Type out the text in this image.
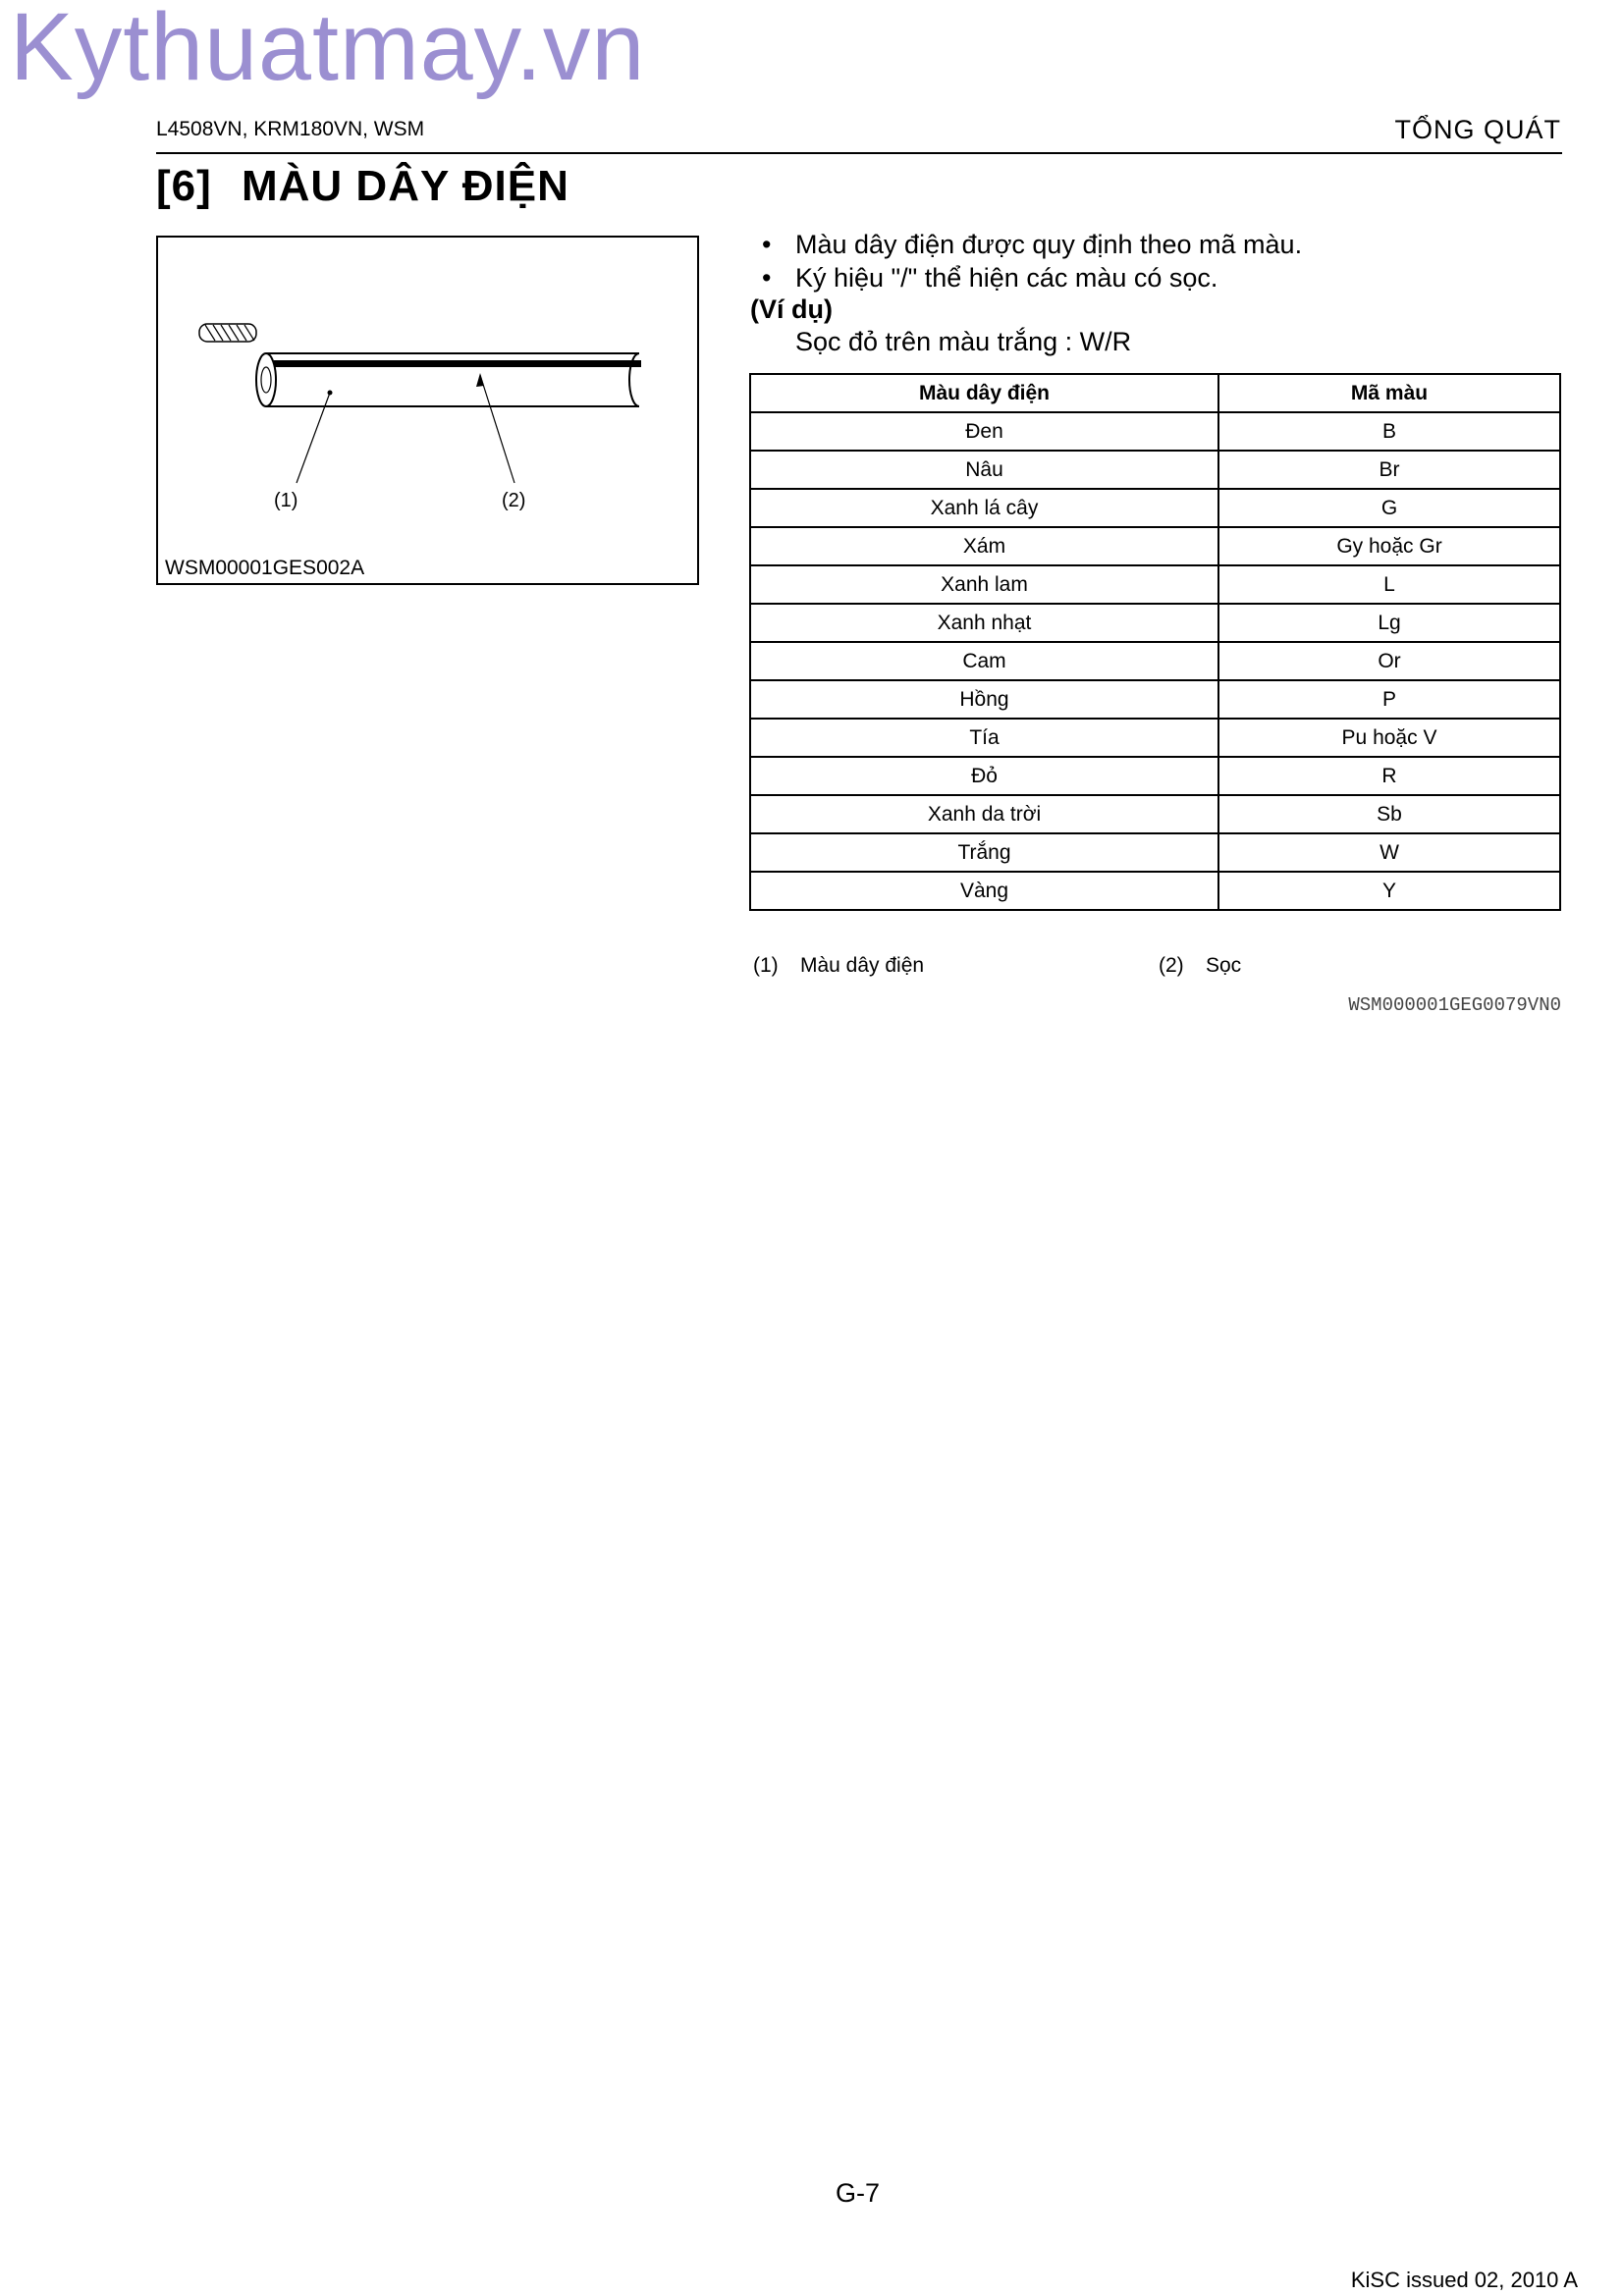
Kythuatmay.vn
L4508VN, KRM180VN, WSM	TỔNG QUÁT
[6] MÀU DÂY ĐIỆN
(1)	(2)
WSM00001GES002A
• Màu dây điện được quy định theo mã màu.
• Ký hiệu "/" thể hiện các màu có sọc.
(Ví dụ)
Sọc đỏ trên màu trắng : W/R
Màu dây điện	Mã màu
Đen	B
Nâu	Br
Xanh lá cây	G
Xám	Gy hoặc Gr
Xanh lam	L
Xanh nhạt	Lg
Cam	Or
Hồng	P
Tía	Pu hoặc V
Đỏ	R
Xanh da trời	Sb
Trắng	W
Vàng	Y
(1) Màu dây điện	(2) Sọc
WSM000001GEG0079VN0
G-7
KiSC issued 02, 2010 A
